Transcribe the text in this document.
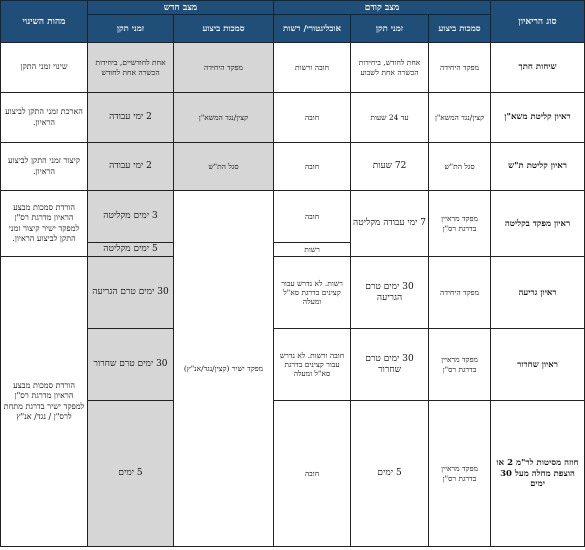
סוג הריאיון	מצב קודם			מצב חדש		מהות השינוי
	סמכות ביצוע	זמני תקן	אובליגטורי/ רשות	סמכות ביצוע	זמני תקן	
שיחות חתך	מפקד היחידה	אחת לחודש, ביחידות הכשרה אחת לשבוע	חובה ורשות	מפקד היחידה	אחת לחודשיים, ביחידות הכשרה אחת לחודש	שינוי זמני התקן
ראיון קליטת משא"ן	קצין/נגד המשא"ן	עד 24 שעות	חובה	קצין/נגד המשא"ן	2 ימי עבודה	הארכת זמני התקן לביצוע הראיון.
ראיון קליטת ת"ש	סגל הת"ש	72 שעות	חובה	סגל הת"ש	2 ימי עבודה	קיצור זמני התקן לביצוע הראיון.
ראיון מפקד בקליטה	מפקד מראיין בדרגת רס"ן	7 ימי עבודה מקליטה	חובה	מפקד ישיר (קצין/נגד/אנ"ץ)	3 ימים מקליטה	הורדת סמכות מבצע הראיון מדרגת רס"ן למפקד ישיר קיצור זמני התקן לביצוע הראיון.
			רשות		5 ימים מקליטה	
ראיון גריעה	מפקד היחידה	30 ימים טרם הגריעה	רשות. לא נדרש עבור קצינים בדרגת סא"ל ומעלה		30 ימים טרם הגריעה	הורדת סמכות מבצע הראיון מדרגת רס"ן למפקד ישיר בדרגת מתחת לרס"ן / נגד/ אנ"ץ
ראיון שחרור	מפקד מראיין בדרגת רס"ן	30 ימים טרם שחרור	חובה ורשות. לא נדרש עבור קצינים בדרגת סא"ל ומעלה		30 ימים טרם שחרור	
חוזה מסיטות לר"מ 2 או הוצפת מחלה מעל 30 ימים	מפקד מראיין בדרגת רס"ן	5 ימים	חובה		5 ימים	
